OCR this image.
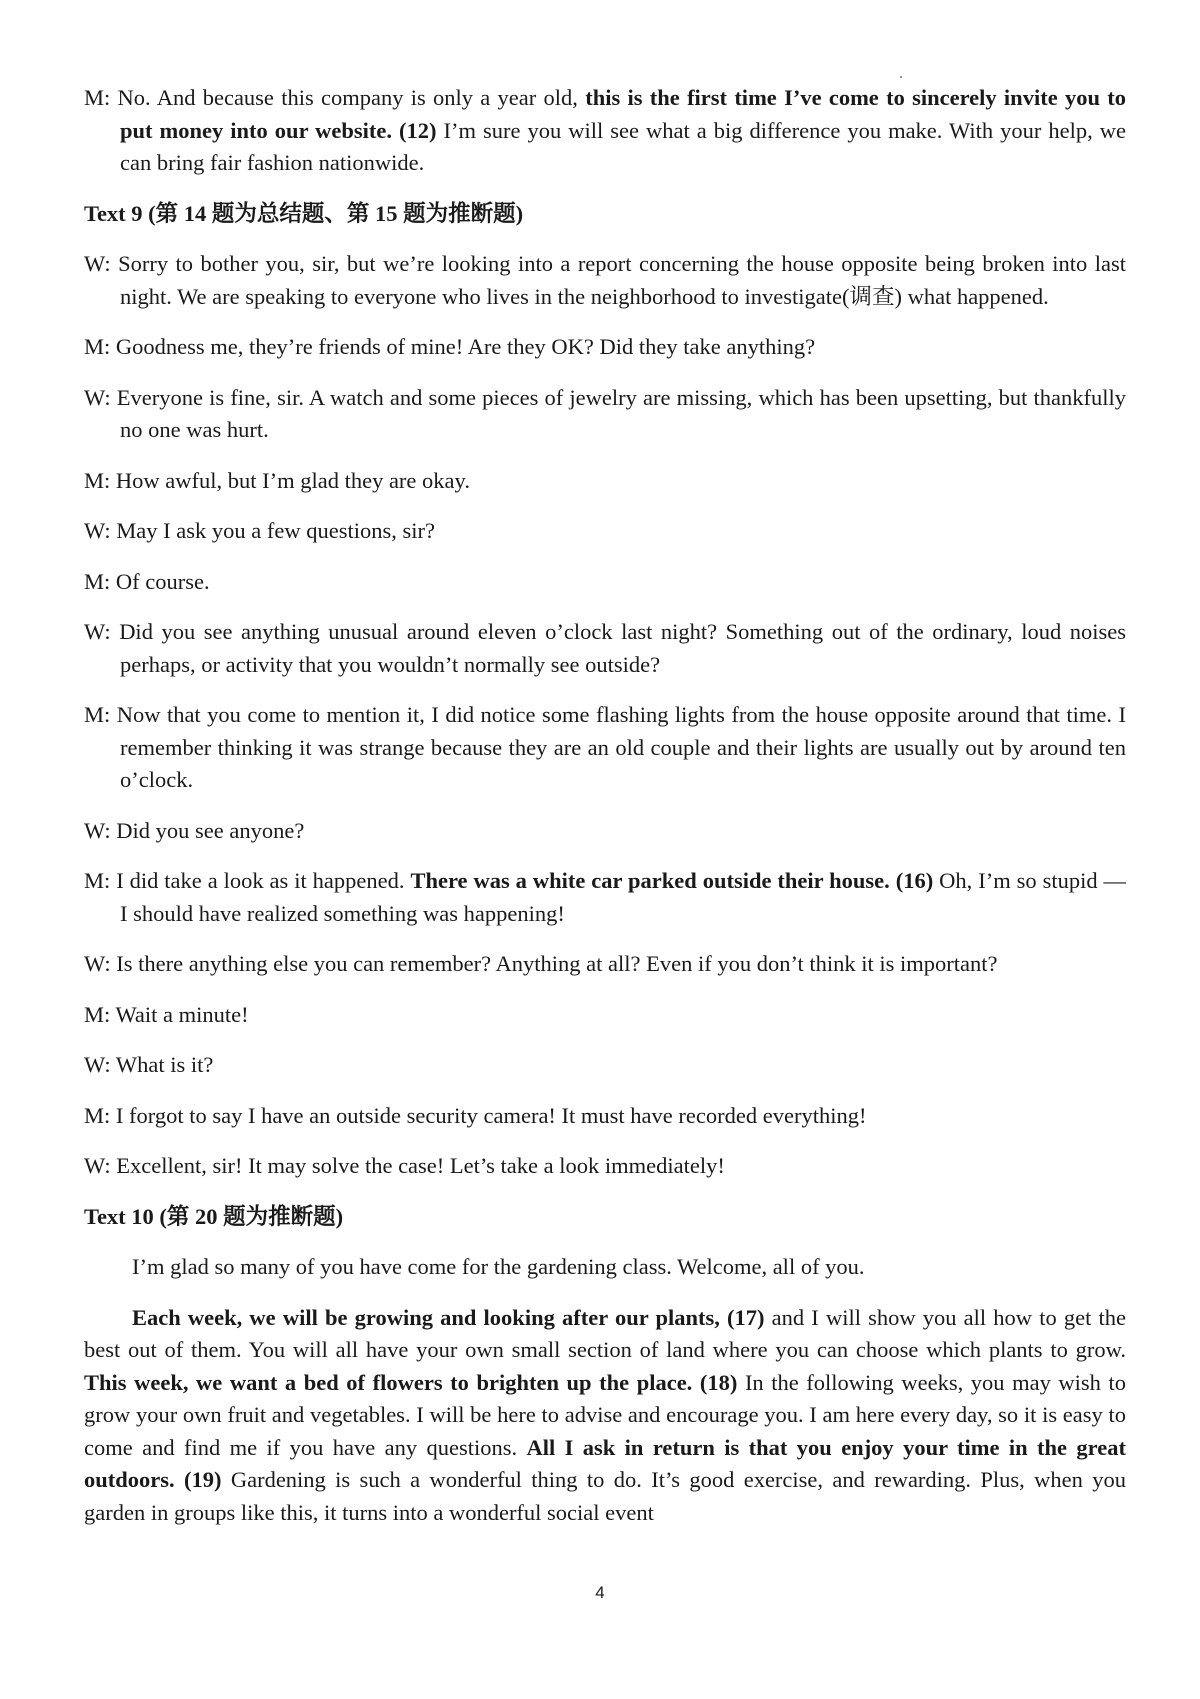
M: No. And because this company is only a year old, this is the first time I’ve come to sincerely invite you to put money into our website. (12) I’m sure you will see what a big difference you make. With your help, we can bring fair fashion nationwide.

Text 9 (第 14 题为总结题、第 15 题为推断题)

W: Sorry to bother you, sir, but we’re looking into a report concerning the house opposite being broken into last night. We are speaking to everyone who lives in the neighborhood to investigate(调查) what happened.

M: Goodness me, they’re friends of mine! Are they OK? Did they take anything?

W: Everyone is fine, sir. A watch and some pieces of jewelry are missing, which has been upsetting, but thankfully no one was hurt.

M: How awful, but I’m glad they are okay.

W: May I ask you a few questions, sir?

M: Of course.

W: Did you see anything unusual around eleven o’clock last night? Something out of the ordinary, loud noises perhaps, or activity that you wouldn’t normally see outside?

M: Now that you come to mention it, I did notice some flashing lights from the house opposite around that time. I remember thinking it was strange because they are an old couple and their lights are usually out by around ten o’clock.

W: Did you see anyone?

M: I did take a look as it happened. There was a white car parked outside their house. (16) Oh, I’m so stupid — I should have realized something was happening!

W: Is there anything else you can remember? Anything at all? Even if you don’t think it is important?

M: Wait a minute!

W: What is it?

M: I forgot to say I have an outside security camera! It must have recorded everything!

W: Excellent, sir! It may solve the case! Let’s take a look immediately!

Text 10 (第 20 题为推断题)

I’m glad so many of you have come for the gardening class. Welcome, all of you.

Each week, we will be growing and looking after our plants, (17) and I will show you all how to get the best out of them. You will all have your own small section of land where you can choose which plants to grow. This week, we want a bed of flowers to brighten up the place. (18) In the following weeks, you may wish to grow your own fruit and vegetables. I will be here to advise and encourage you. I am here every day, so it is easy to come and find me if you have any questions. All I ask in return is that you enjoy your time in the great outdoors. (19) Gardening is such a wonderful thing to do. It’s good exercise, and rewarding. Plus, when you garden in groups like this, it turns into a wonderful social event

4
